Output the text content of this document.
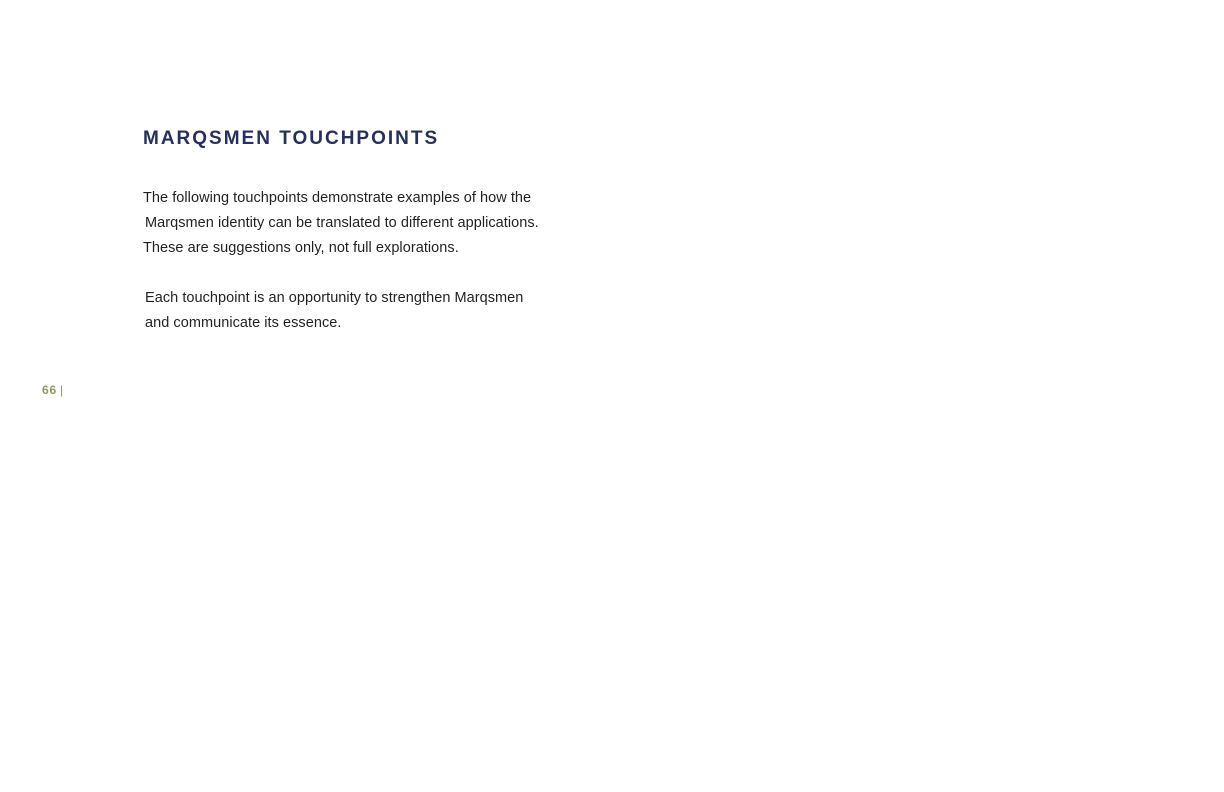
MARQSMEN TOUCHPOINTS
The following touchpoints demonstrate examples of how the
Marqsmen identity can be translated to different applications.
These are suggestions only, not full explorations.
Each touchpoint is an opportunity to strengthen Marqsmen
and communicate its essence.
66 |
